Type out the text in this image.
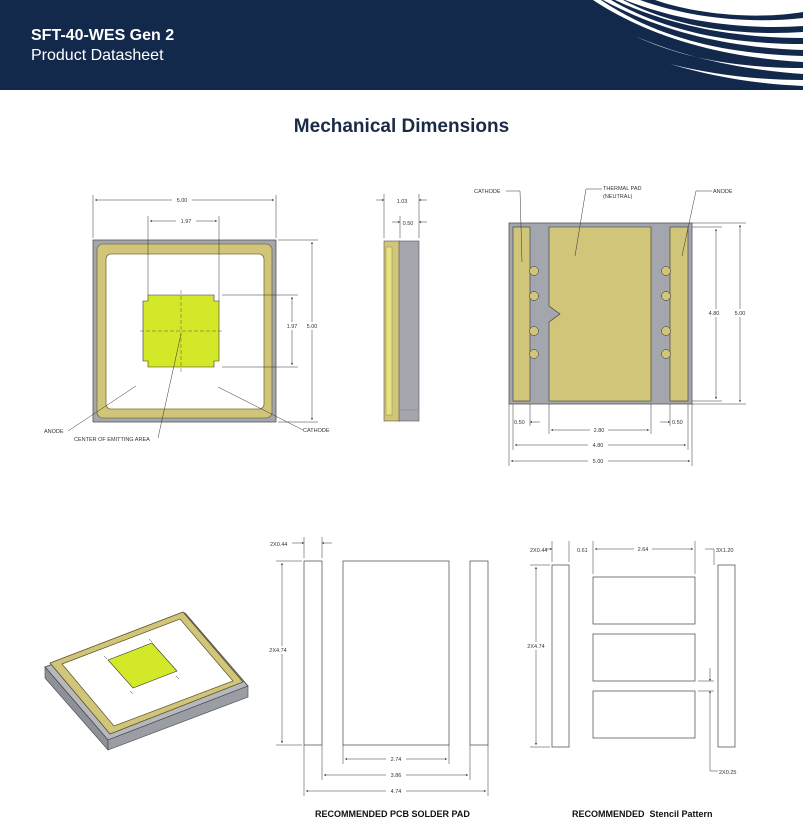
SFT-40-WES Gen 2
Product Datasheet
Mechanical Dimensions
5.00
1.97
1.97 5.00
ANODE
CENTER OF EMITTING AREA
CATHODE
1.03
0.50
CATHODE	THERMAL PAD
(NEUTRAL)
ANODE
4.80	5.00
0.50
2.80
0.50
4.80
5.00
2X0.44
2X4.74
2.74
3.86
4.74
2X0.44	0.61	2.64	3X1.20
2X4.74
2X0.25
RECOMMENDED PCB SOLDER PAD	RECOMMENDED Stencil Pattern
